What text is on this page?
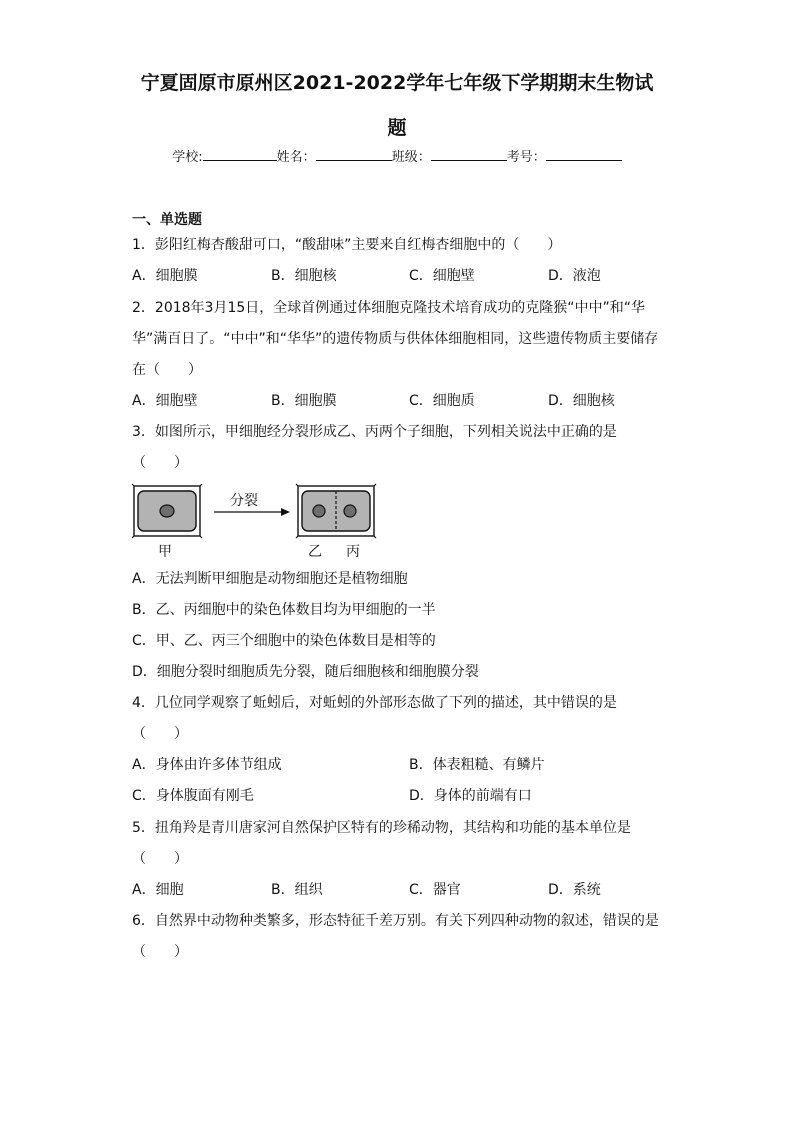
宁夏固原市原州区2021-2022学年七年级下学期期末生物试
题
学校:	姓名：	班级：	考号：
一、单选题
1．彭阳红梅杏酸甜可口，“酸甜味”主要来自红梅杏细胞中的（　　）
A．细胞膜	B．细胞核	C．细胞壁	D．液泡
2．2018年3月15日，全球首例通过体细胞克隆技术培育成功的克隆猴“中中”和“华
华”满百日了。“中中”和“华华”的遗传物质与供体体细胞相同，这些遗传物质主要储存
在（　　）
A．细胞壁	B．细胞膜	C．细胞质	D．细胞核
3．如图所示，甲细胞经分裂形成乙、丙两个子细胞，下列相关说法中正确的是
（　　）
分裂
甲	乙 丙
A．无法判断甲细胞是动物细胞还是植物细胞
B．乙、丙细胞中的染色体数目均为甲细胞的一半
C．甲、乙、丙三个细胞中的染色体数目是相等的
D．细胞分裂时细胞质先分裂，随后细胞核和细胞膜分裂
4．几位同学观察了蚯蚓后，对蚯蚓的外部形态做了下列的描述，其中错误的是
（　　）
A．身体由许多体节组成	B．体表粗糙、有鳞片
C．身体腹面有刚毛	D．身体的前端有口
5．扭角羚是青川唐家河自然保护区特有的珍稀动物，其结构和功能的基本单位是
（　　）
A．细胞	B．组织	C．器官	D．系统
6．自然界中动物种类繁多，形态特征千差万别。有关下列四种动物的叙述，错误的是
（　　）
